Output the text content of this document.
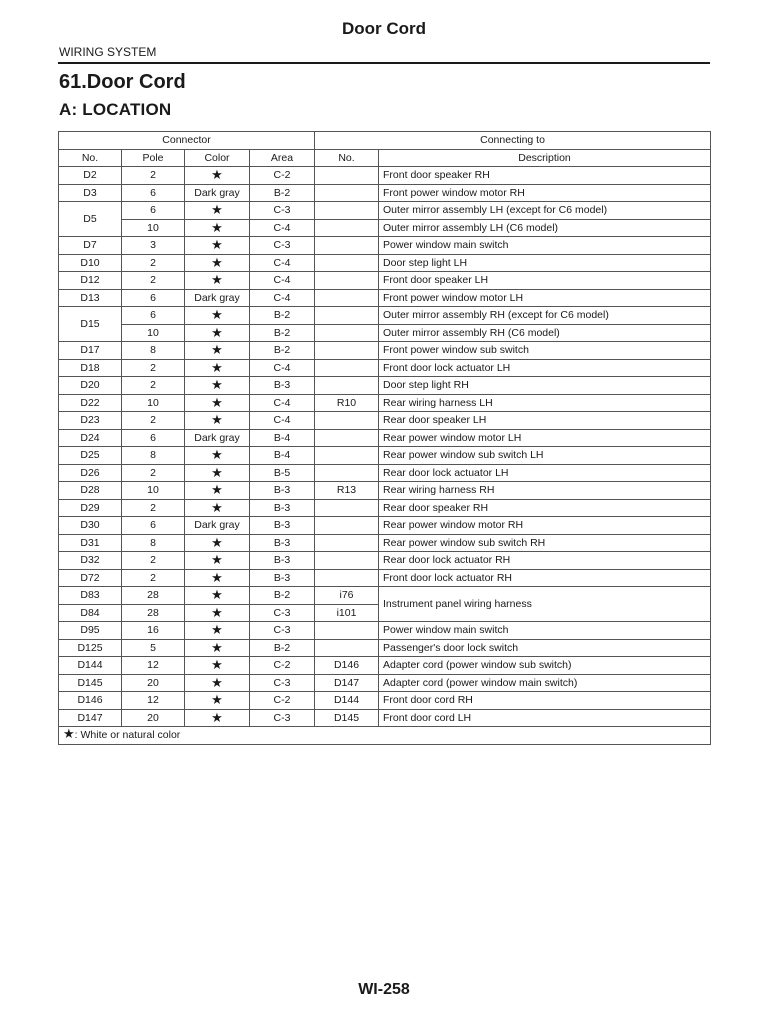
Door Cord
WIRING SYSTEM
61.Door Cord
A: LOCATION
Connector				Connecting to	
No.	Pole	Color	Area	No.	Description
D2	2	★	C-2		Front door speaker RH
D3	6	Dark gray	B-2		Front power window motor RH
D5	6	★	C-3		Outer mirror assembly LH (except for C6 model)
	10	★	C-4		Outer mirror assembly LH (C6 model)
D7	3	★	C-3		Power window main switch
D10	2	★	C-4		Door step light LH
D12	2	★	C-4		Front door speaker LH
D13	6	Dark gray	C-4		Front power window motor LH
D15	6	★	B-2		Outer mirror assembly RH (except for C6 model)
	10	★	B-2		Outer mirror assembly RH (C6 model)
D17	8	★	B-2		Front power window sub switch
D18	2	★	C-4		Front door lock actuator LH
D20	2	★	B-3		Door step light RH
D22	10	★	C-4	R10	Rear wiring harness LH
D23	2	★	C-4		Rear door speaker LH
D24	6	Dark gray	B-4		Rear power window motor LH
D25	8	★	B-4		Rear power window sub switch LH
D26	2	★	B-5		Rear door lock actuator LH
D28	10	★	B-3	R13	Rear wiring harness RH
D29	2	★	B-3		Rear door speaker RH
D30	6	Dark gray	B-3		Rear power window motor RH
D31	8	★	B-3		Rear power window sub switch RH
D32	2	★	B-3		Rear door lock actuator RH
D72	2	★	B-3		Front door lock actuator RH
D83	28	★	B-2	i76	Instrument panel wiring harness
D84	28	★	C-3	i101	
D95	16	★	C-3		Power window main switch
D125	5	★	B-2		Passenger's door lock switch
D144	12	★	C-2	D146	Adapter cord (power window sub switch)
D145	20	★	C-3	D147	Adapter cord (power window main switch)
D146	12	★	C-2	D144	Front door cord RH
D147	20	★	C-3	D145	Front door cord LH
★: White or natural color					
WI-258
